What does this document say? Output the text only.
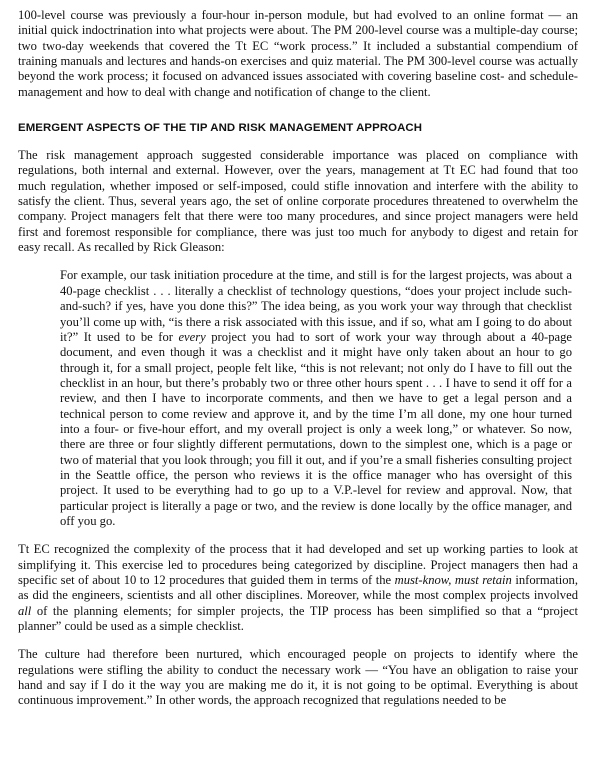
100-level course was previously a four-hour in-person module, but had evolved to an online format — an initial quick indoctrination into what projects were about. The PM 200-level course was a multiple-day course; two two-day weekends that covered the Tt EC “work process.” It included a substantial compendium of training manuals and lectures and hands-on exercises and quiz material. The PM 300-level course was actually beyond the work process; it focused on advanced issues associated with covering baseline cost- and schedule-management and how to deal with change and notification of change to the client.

EMERGENT ASPECTS OF THE TIP AND RISK MANAGEMENT APPROACH

The risk management approach suggested considerable importance was placed on compliance with regulations, both internal and external. However, over the years, management at Tt EC had found that too much regulation, whether imposed or self-imposed, could stifle innovation and interfere with the ability to satisfy the client. Thus, several years ago, the set of online corporate procedures threatened to overwhelm the company. Project managers felt that there were too many procedures, and since project managers were held first and foremost responsible for compliance, there was just too much for anybody to digest and retain for easy recall. As recalled by Rick Gleason:

For example, our task initiation procedure at the time, and still is for the largest projects, was about a 40-page checklist . . . literally a checklist of technology questions, “does your project include such-and-such? if yes, have you done this?” The idea being, as you work your way through that checklist you’ll come up with, “is there a risk associated with this issue, and if so, what am I going to do about it?” It used to be for every project you had to sort of work your way through about a 40-page document, and even though it was a checklist and it might have only taken about an hour to go through it, for a small project, people felt like, “this is not relevant; not only do I have to fill out the checklist in an hour, but there’s probably two or three other hours spent . . . I have to send it off for a review, and then I have to incorporate comments, and then we have to get a legal person and a technical person to come review and approve it, and by the time I’m all done, my one hour turned into a four- or five-hour effort, and my overall project is only a week long,” or whatever. So now, there are three or four slightly different permutations, down to the simplest one, which is a page or two of material that you look through; you fill it out, and if you’re a small fisheries consulting project in the Seattle office, the person who reviews it is the office manager who has oversight of this project. It used to be everything had to go up to a V.P.-level for review and approval. Now, that particular project is literally a page or two, and the review is done locally by the office manager, and off you go.

Tt EC recognized the complexity of the process that it had developed and set up working parties to look at simplifying it. This exercise led to procedures being categorized by discipline. Project managers then had a specific set of about 10 to 12 procedures that guided them in terms of the must-know, must retain information, as did the engineers, scientists and all other disciplines. Moreover, while the most complex projects involved all of the planning elements; for simpler projects, the TIP process has been simplified so that a “project planner” could be used as a simple checklist.

The culture had therefore been nurtured, which encouraged people on projects to identify where the regulations were stifling the ability to conduct the necessary work — “You have an obligation to raise your hand and say if I do it the way you are making me do it, it is not going to be optimal. Everything is about continuous improvement.” In other words, the approach recognized that regulations needed to be
